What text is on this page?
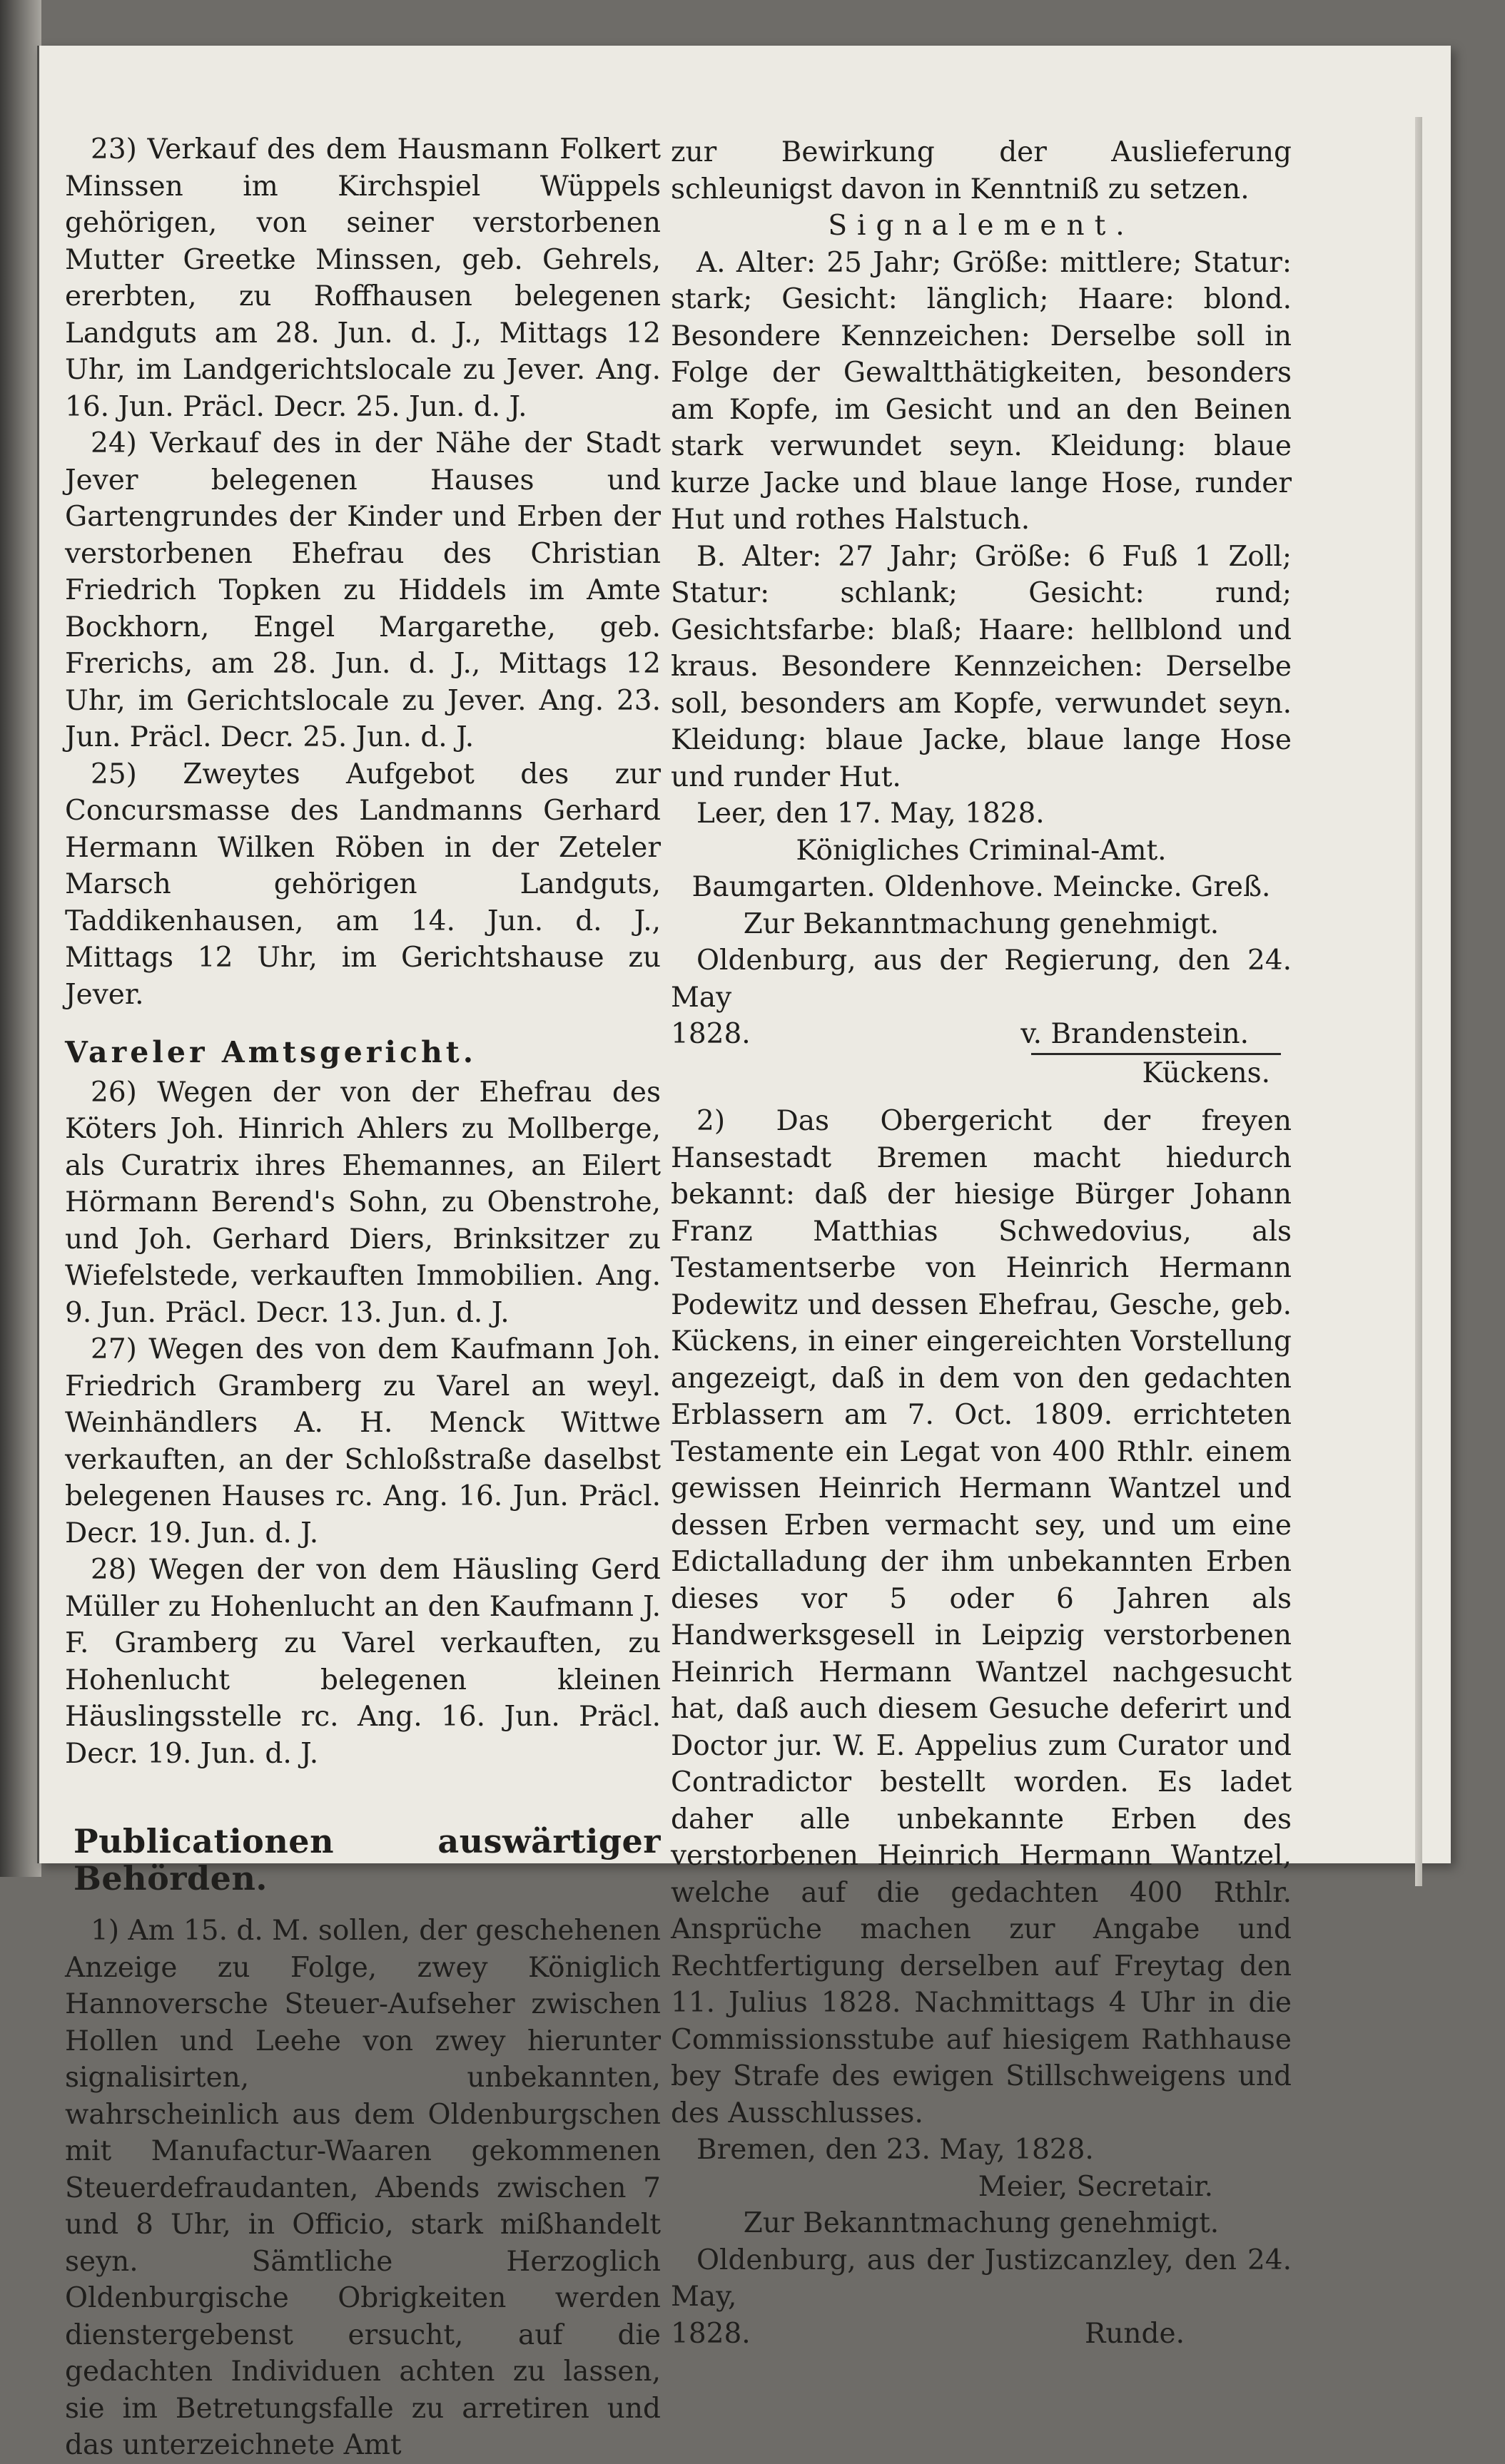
23) Verkauf des dem Hausmann Folkert Minssen im Kirchspiel Wüppels gehörigen, von seiner verstorbenen Mutter Greetke Minssen, geb. Gehrels, ererbten, zu Roffhausen belegenen Landguts am 28. Jun. d. J., Mittags 12 Uhr, im Landgerichtslocale zu Jever. Ang. 16. Jun. Präcl. Decr. 25. Jun. d. J.

24) Verkauf des in der Nähe der Stadt Jever belegenen Hauses und Gartengrundes der Kinder und Erben der verstorbenen Ehefrau des Christian Friedrich Topken zu Hiddels im Amte Bockhorn, Engel Margarethe, geb. Frerichs, am 28. Jun. d. J., Mittags 12 Uhr, im Gerichtslocale zu Jever. Ang. 23. Jun. Präcl. Decr. 25. Jun. d. J.

25) Zweytes Aufgebot des zur Concursmasse des Landmanns Gerhard Hermann Wilken Röben in der Zeteler Marsch gehörigen Landguts, Taddikenhausen, am 14. Jun. d. J., Mittags 12 Uhr, im Gerichtshause zu Jever.

Vareler Amtsgericht.

26) Wegen der von der Ehefrau des Köters Joh. Hinrich Ahlers zu Mollberge, als Curatrix ihres Ehemannes, an Eilert Hörmann Berend's Sohn, zu Obenstrohe, und Joh. Gerhard Diers, Brinksitzer zu Wiefelstede, verkauften Immobilien. Ang. 9. Jun. Präcl. Decr. 13. Jun. d. J.

27) Wegen des von dem Kaufmann Joh. Friedrich Gramberg zu Varel an weyl. Weinhändlers A. H. Menck Wittwe verkauften, an der Schloßstraße daselbst belegenen Hauses rc. Ang. 16. Jun. Präcl. Decr. 19. Jun. d. J.

28) Wegen der von dem Häusling Gerd Müller zu Hohenlucht an den Kaufmann J. F. Gramberg zu Varel verkauften, zu Hohenlucht belegenen kleinen Häuslingsstelle rc. Ang. 16. Jun. Präcl. Decr. 19. Jun. d. J.

Publicationen auswärtiger Behörden.

1) Am 15. d. M. sollen, der geschehenen Anzeige zu Folge, zwey Königlich Hannoversche Steuer-Aufseher zwischen Hollen und Leehe von zwey hierunter signalisirten, unbekannten, wahrscheinlich aus dem Oldenburgschen mit Manufactur-Waaren gekommenen Steuerdefraudanten, Abends zwischen 7 und 8 Uhr, in Officio, stark mißhandelt seyn. Sämtliche Herzoglich Oldenburgische Obrigkeiten werden dienstergebenst ersucht, auf die gedachten Individuen achten zu lassen, sie im Betretungsfalle zu arretiren und das unterzeichnete Amt

zur Bewirkung der Auslieferung schleunigst davon in Kenntniß zu setzen.

Signalement.

A. Alter: 25 Jahr; Größe: mittlere; Statur: stark; Gesicht: länglich; Haare: blond. Besondere Kennzeichen: Derselbe soll in Folge der Gewaltthätigkeiten, besonders am Kopfe, im Gesicht und an den Beinen stark verwundet seyn. Kleidung: blaue kurze Jacke und blaue lange Hose, runder Hut und rothes Halstuch.

B. Alter: 27 Jahr; Größe: 6 Fuß 1 Zoll; Statur: schlank; Gesicht: rund; Gesichtsfarbe: blaß; Haare: hellblond und kraus. Besondere Kennzeichen: Derselbe soll, besonders am Kopfe, verwundet seyn. Kleidung: blaue Jacke, blaue lange Hose und runder Hut.

Leer, den 17. May, 1828.

Königliches Criminal-Amt.

Baumgarten. Oldenhove. Meincke. Greß.

Zur Bekanntmachung genehmigt.

Oldenburg, aus der Regierung, den 24. May

1828.	v. Brandenstein.

Kückens.

2) Das Obergericht der freyen Hansestadt Bremen macht hiedurch bekannt: daß der hiesige Bürger Johann Franz Matthias Schwedovius, als Testamentserbe von Heinrich Hermann Podewitz und dessen Ehefrau, Gesche, geb. Kückens, in einer eingereichten Vorstellung angezeigt, daß in dem von den gedachten Erblassern am 7. Oct. 1809. errichteten Testamente ein Legat von 400 Rthlr. einem gewissen Heinrich Hermann Wantzel und dessen Erben vermacht sey, und um eine Edictalladung der ihm unbekannten Erben dieses vor 5 oder 6 Jahren als Handwerksgesell in Leipzig verstorbenen Heinrich Hermann Wantzel nachgesucht hat, daß auch diesem Gesuche deferirt und Doctor jur. W. E. Appelius zum Curator und Contradictor bestellt worden. Es ladet daher alle unbekannte Erben des verstorbenen Heinrich Hermann Wantzel, welche auf die gedachten 400 Rthlr. Ansprüche machen zur Angabe und Rechtfertigung derselben auf Freytag den 11. Julius 1828. Nachmittags 4 Uhr in die Commissionsstube auf hiesigem Rathhause bey Strafe des ewigen Stillschweigens und des Ausschlusses.

Bremen, den 23. May, 1828.

Meier, Secretair.

Zur Bekanntmachung genehmigt.

Oldenburg, aus der Justizcanzley, den 24. May,

1828.	Runde.
